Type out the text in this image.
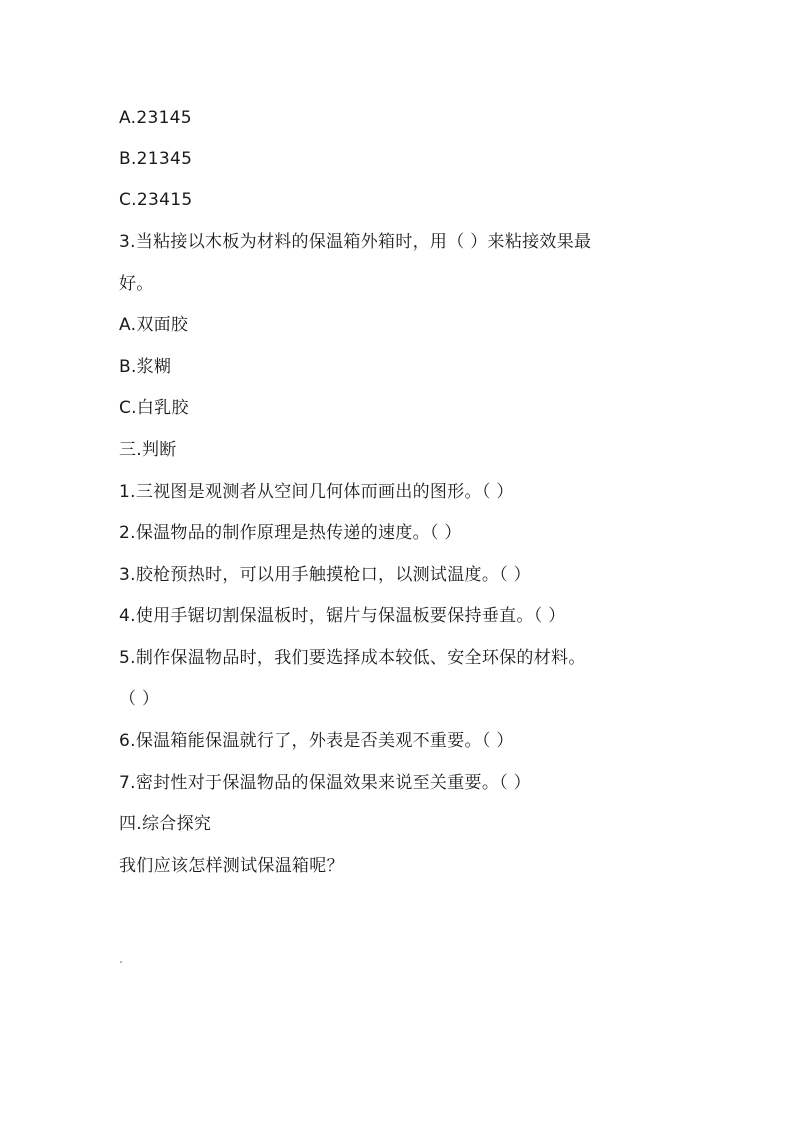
A.23145
B.21345
C.23415
3.当粘接以木板为材料的保温箱外箱时，用（ ）来粘接效果最
好。
A.双面胶
B.浆糊
C.白乳胶
三.判断
1.三视图是观测者从空间几何体而画出的图形。（ ）
2.保温物品的制作原理是热传递的速度。（ ）
3.胶枪预热时，可以用手触摸枪口，以测试温度。（ ）
4.使用手锯切割保温板时，锯片与保温板要保持垂直。（ ）
5.制作保温物品时，我们要选择成本较低、安全环保的材料。
（ ）
6.保温箱能保温就行了，外表是否美观不重要。（ ）
7.密封性对于保温物品的保温效果来说至关重要。（ ）
四.综合探究
我们应该怎样测试保温箱呢？
